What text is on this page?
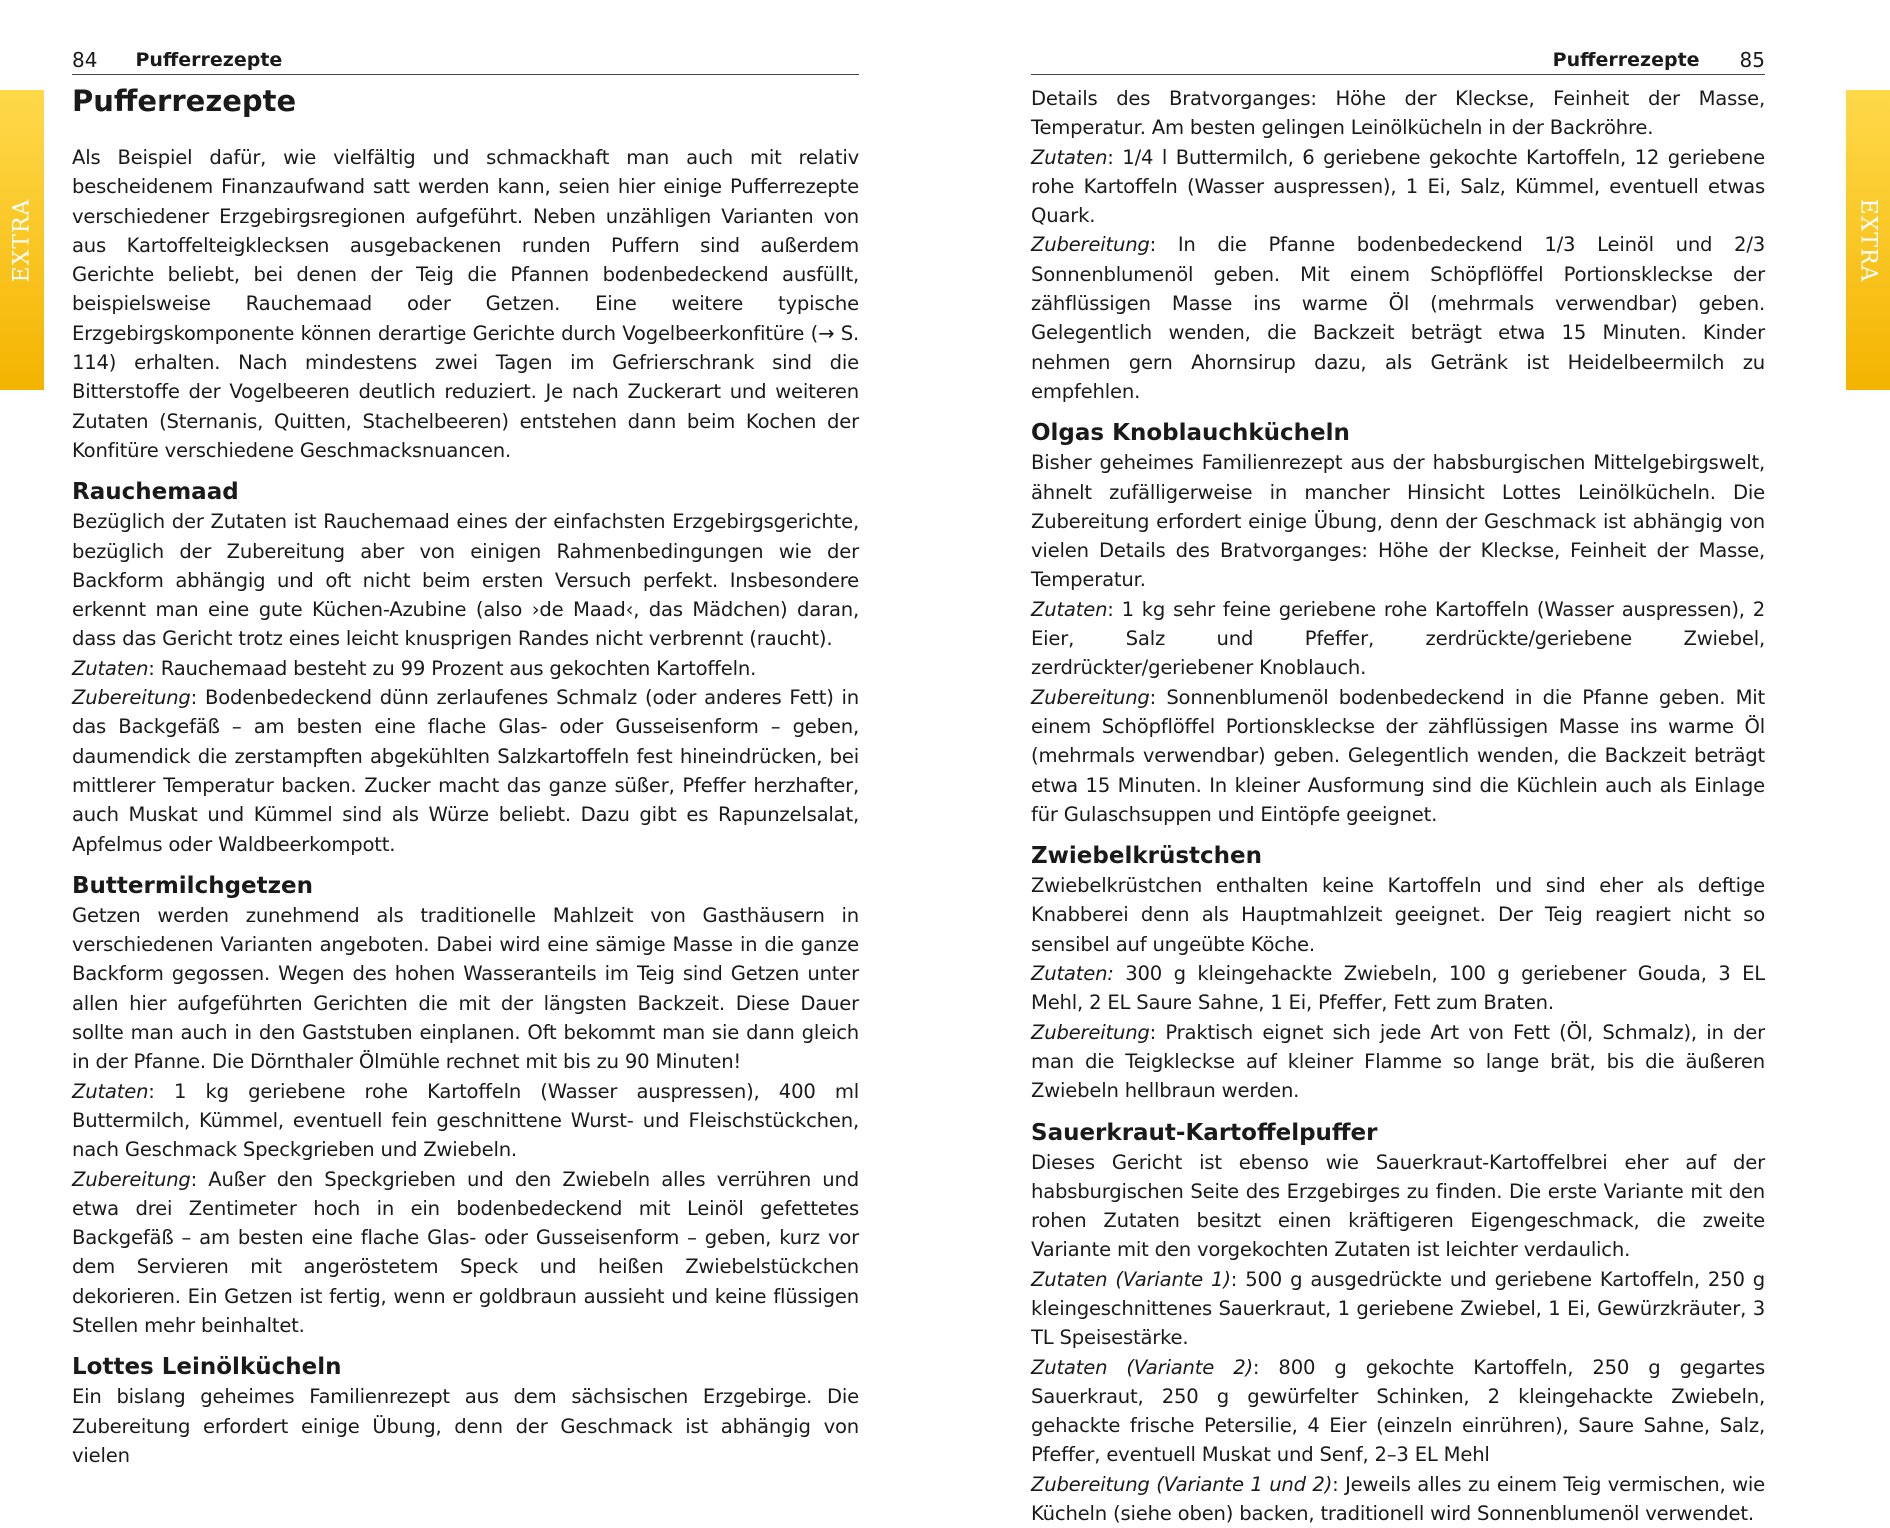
84 Pufferrezepte
EXTRA
Pufferrezepte

Als Beispiel dafür, wie vielfältig und schmackhaft man auch mit relativ bescheidenem Finanzaufwand satt werden kann, seien hier einige Pufferrezepte verschiedener Erzgebirgsregionen aufgeführt. Neben unzähligen Varianten von aus Kartoffelteigklecksen ausgebackenen runden Puffern sind außerdem Gerichte beliebt, bei denen der Teig die Pfannen bodenbedeckend ausfüllt, beispielsweise Rauchemaad oder Getzen. Eine weitere typische Erzgebirgskomponente können derartige Gerichte durch Vogelbeerkonfitüre (→ S. 114) erhalten. Nach mindestens zwei Tagen im Gefrierschrank sind die Bitterstoffe der Vogelbeeren deutlich reduziert. Je nach Zuckerart und weiteren Zutaten (Sternanis, Quitten, Stachelbeeren) entstehen dann beim Kochen der Konfitüre verschiedene Geschmacksnuancen.

Rauchemaad

Bezüglich der Zutaten ist Rauchemaad eines der einfachsten Erzgebirgsgerichte, bezüglich der Zubereitung aber von einigen Rahmenbedingungen wie der Backform abhängig und oft nicht beim ersten Versuch perfekt. Insbesondere erkennt man eine gute Küchen-Azubine (also ›de Maad‹, das Mädchen) daran, dass das Gericht trotz eines leicht knusprigen Randes nicht verbrennt (raucht).

Zutaten: Rauchemaad besteht zu 99 Prozent aus gekochten Kartoffeln.

Zubereitung: Bodenbedeckend dünn zerlaufenes Schmalz (oder anderes Fett) in das Backgefäß – am besten eine flache Glas- oder Gusseisenform – geben, daumendick die zerstampften abgekühlten Salzkartoffeln fest hineindrücken, bei mittlerer Temperatur backen. Zucker macht das ganze süßer, Pfeffer herzhafter, auch Muskat und Kümmel sind als Würze beliebt. Dazu gibt es Rapunzelsalat, Apfelmus oder Waldbeerkompott.

Buttermilchgetzen

Getzen werden zunehmend als traditionelle Mahlzeit von Gasthäusern in verschiedenen Varianten angeboten. Dabei wird eine sämige Masse in die ganze Backform gegossen. Wegen des hohen Wasseranteils im Teig sind Getzen unter allen hier aufgeführten Gerichten die mit der längsten Backzeit. Diese Dauer sollte man auch in den Gaststuben einplanen. Oft bekommt man sie dann gleich in der Pfanne. Die Dörnthaler Ölmühle rechnet mit bis zu 90 Minuten!

Zutaten: 1 kg geriebene rohe Kartoffeln (Wasser auspressen), 400 ml Buttermilch, Kümmel, eventuell fein geschnittene Wurst- und Fleischstückchen, nach Geschmack Speckgrieben und Zwiebeln.

Zubereitung: Außer den Speckgrieben und den Zwiebeln alles verrühren und etwa drei Zentimeter hoch in ein bodenbedeckend mit Leinöl gefettetes Backgefäß – am besten eine flache Glas- oder Gusseisenform – geben, kurz vor dem Servieren mit angeröstetem Speck und heißen Zwiebelstückchen dekorieren. Ein Getzen ist fertig, wenn er goldbraun aussieht und keine flüssigen Stellen mehr beinhaltet.

Lottes Leinölkücheln

Ein bislang geheimes Familienrezept aus dem sächsischen Erzgebirge. Die Zubereitung erfordert einige Übung, denn der Geschmack ist abhängig von vielen

Pufferrezepte 85
EXTRA

Details des Bratvorganges: Höhe der Kleckse, Feinheit der Masse, Temperatur. Am besten gelingen Leinölkücheln in der Backröhre.

Zutaten: 1/4 l Buttermilch, 6 geriebene gekochte Kartoffeln, 12 geriebene rohe Kartoffeln (Wasser auspressen), 1 Ei, Salz, Kümmel, eventuell etwas Quark.

Zubereitung: In die Pfanne bodenbedeckend 1/3 Leinöl und 2/3 Sonnenblumenöl geben. Mit einem Schöpflöffel Portionskleckse der zähflüssigen Masse ins warme Öl (mehrmals verwendbar) geben. Gelegentlich wenden, die Backzeit beträgt etwa 15 Minuten. Kinder nehmen gern Ahornsirup dazu, als Getränk ist Heidelbeermilch zu empfehlen.

Olgas Knoblauchkücheln

Bisher geheimes Familienrezept aus der habsburgischen Mittelgebirgswelt, ähnelt zufälligerweise in mancher Hinsicht Lottes Leinölkücheln. Die Zubereitung erfordert einige Übung, denn der Geschmack ist abhängig von vielen Details des Bratvorganges: Höhe der Kleckse, Feinheit der Masse, Temperatur.

Zutaten: 1 kg sehr feine geriebene rohe Kartoffeln (Wasser auspressen), 2 Eier, Salz und Pfeffer, zerdrückte/geriebene Zwiebel, zerdrückter/geriebener Knoblauch.

Zubereitung: Sonnenblumenöl bodenbedeckend in die Pfanne geben. Mit einem Schöpflöffel Portionskleckse der zähflüssigen Masse ins warme Öl (mehrmals verwendbar) geben. Gelegentlich wenden, die Backzeit beträgt etwa 15 Minuten. In kleiner Ausformung sind die Küchlein auch als Einlage für Gulaschsuppen und Eintöpfe geeignet.

Zwiebelkrüstchen

Zwiebelkrüstchen enthalten keine Kartoffeln und sind eher als deftige Knabberei denn als Hauptmahlzeit geeignet. Der Teig reagiert nicht so sensibel auf ungeübte Köche.

Zutaten: 300 g kleingehackte Zwiebeln, 100 g geriebener Gouda, 3 EL Mehl, 2 EL Saure Sahne, 1 Ei, Pfeffer, Fett zum Braten.

Zubereitung: Praktisch eignet sich jede Art von Fett (Öl, Schmalz), in der man die Teigkleckse auf kleiner Flamme so lange brät, bis die äußeren Zwiebeln hellbraun werden.

Sauerkraut-Kartoffelpuffer

Dieses Gericht ist ebenso wie Sauerkraut-Kartoffelbrei eher auf der habsburgischen Seite des Erzgebirges zu finden. Die erste Variante mit den rohen Zutaten besitzt einen kräftigeren Eigengeschmack, die zweite Variante mit den vorgekochten Zutaten ist leichter verdaulich.

Zutaten (Variante 1): 500 g ausgedrückte und geriebene Kartoffeln, 250 g kleingeschnittenes Sauerkraut, 1 geriebene Zwiebel, 1 Ei, Gewürzkräuter, 3 TL Speisestärke.

Zutaten (Variante 2): 800 g gekochte Kartoffeln, 250 g gegartes Sauerkraut, 250 g gewürfelter Schinken, 2 kleingehackte Zwiebeln, gehackte frische Petersilie, 4 Eier (einzeln einrühren), Saure Sahne, Salz, Pfeffer, eventuell Muskat und Senf, 2–3 EL Mehl

Zubereitung (Variante 1 und 2): Jeweils alles zu einem Teig vermischen, wie Kücheln (siehe oben) backen, traditionell wird Sonnenblumenöl verwendet.
